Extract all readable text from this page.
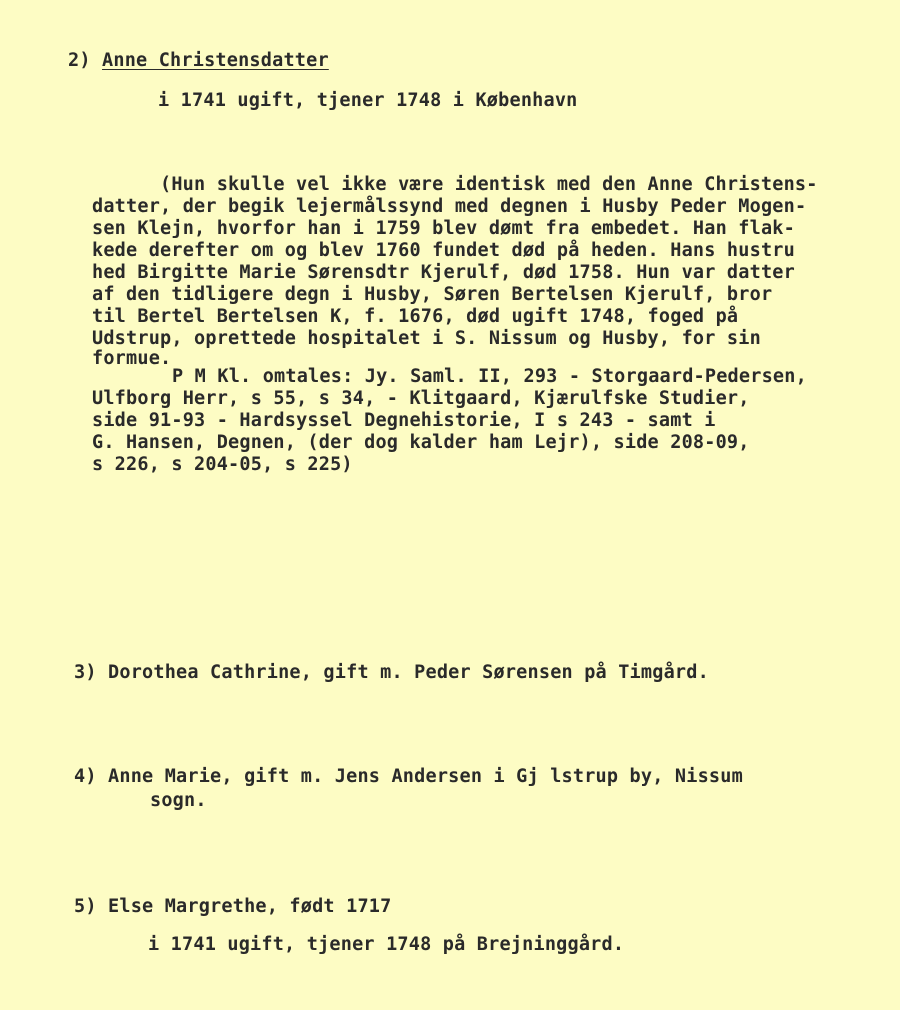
2) Anne Christensdatter
i 1741 ugift, tjener 1748 i København
(Hun skulle vel ikke være identisk med den Anne Christens-
datter, der begik lejermålssynd med degnen i Husby Peder Mogen-
sen Klejn, hvorfor han i 1759 blev dømt fra embedet. Han flak-
kede derefter om og blev 1760 fundet død på heden. Hans hustru
hed Birgitte Marie Sørensdtr Kjerulf, død 1758. Hun var datter
af den tidligere degn i Husby, Søren Bertelsen Kjerulf, bror
til Bertel Bertelsen K, f. 1676, død ugift 1748, foged på
Udstrup, oprettede hospitalet i S. Nissum og Husby, for sin
formue.
P M Kl. omtales: Jy. Saml. II, 293 - Storgaard-Pedersen,
Ulfborg Herr, s 55, s 34, - Klitgaard, Kjærulfske Studier,
side 91-93 - Hardsyssel Degnehistorie, I s 243 - samt i
G. Hansen, Degnen, (der dog kalder ham Lejr), side 208-09,
s 226, s 204-05, s 225)
3) Dorothea Cathrine, gift m. Peder Sørensen på Timgård.
4) Anne Marie, gift m. Jens Andersen i Gj lstrup by, Nissum
sogn.
5) Else Margrethe, født 1717
i 1741 ugift, tjener 1748 på Brejninggård.
